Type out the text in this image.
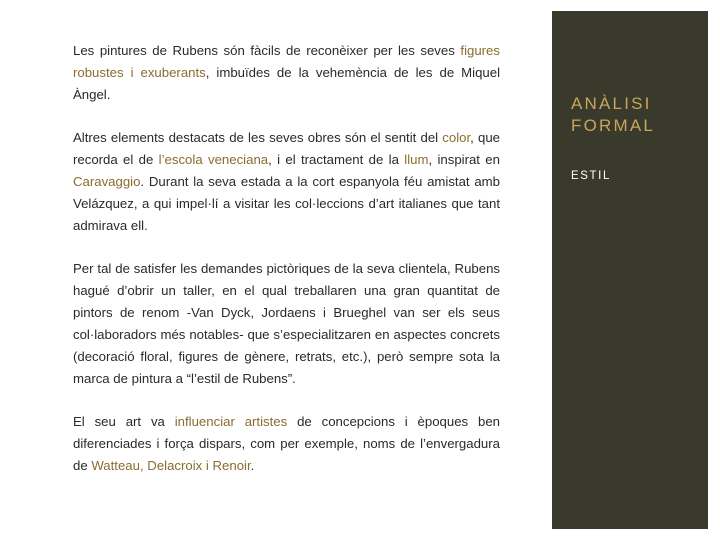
Les pintures de Rubens són fàcils de reconèixer per les seves figures robustes i exuberants, imbuïdes de la vehemència de les de Miquel Àngel.

Altres elements destacats de les seves obres són el sentit del color, que recorda el de l’escola veneciana, i el tractament de la llum, inspirat en Caravaggio. Durant la seva estada a la cort espanyola féu amistat amb Velázquez, a qui impel·lí a visitar les col·leccions d’art italianes que tant admirava ell.

Per tal de satisfer les demandes pictòriques de la seva clientela, Rubens hagué d’obrir un taller, en el qual treballaren una gran quantitat de pintors de renom -Van Dyck, Jordaens i Brueghel van ser els seus col·laboradors més notables- que s’especialitzaren en aspectes concrets (decoració floral, figures de gènere, retrats, etc.), però sempre sota la marca de pintura a “l’estil de Rubens”.

El seu art va influenciar artistes de concepcions i èpoques ben diferenciades i força dispars, com per exemple, noms de l’envergadura de Watteau, Delacroix i Renoir.

ANÀLISI FORMAL
ESTIL
